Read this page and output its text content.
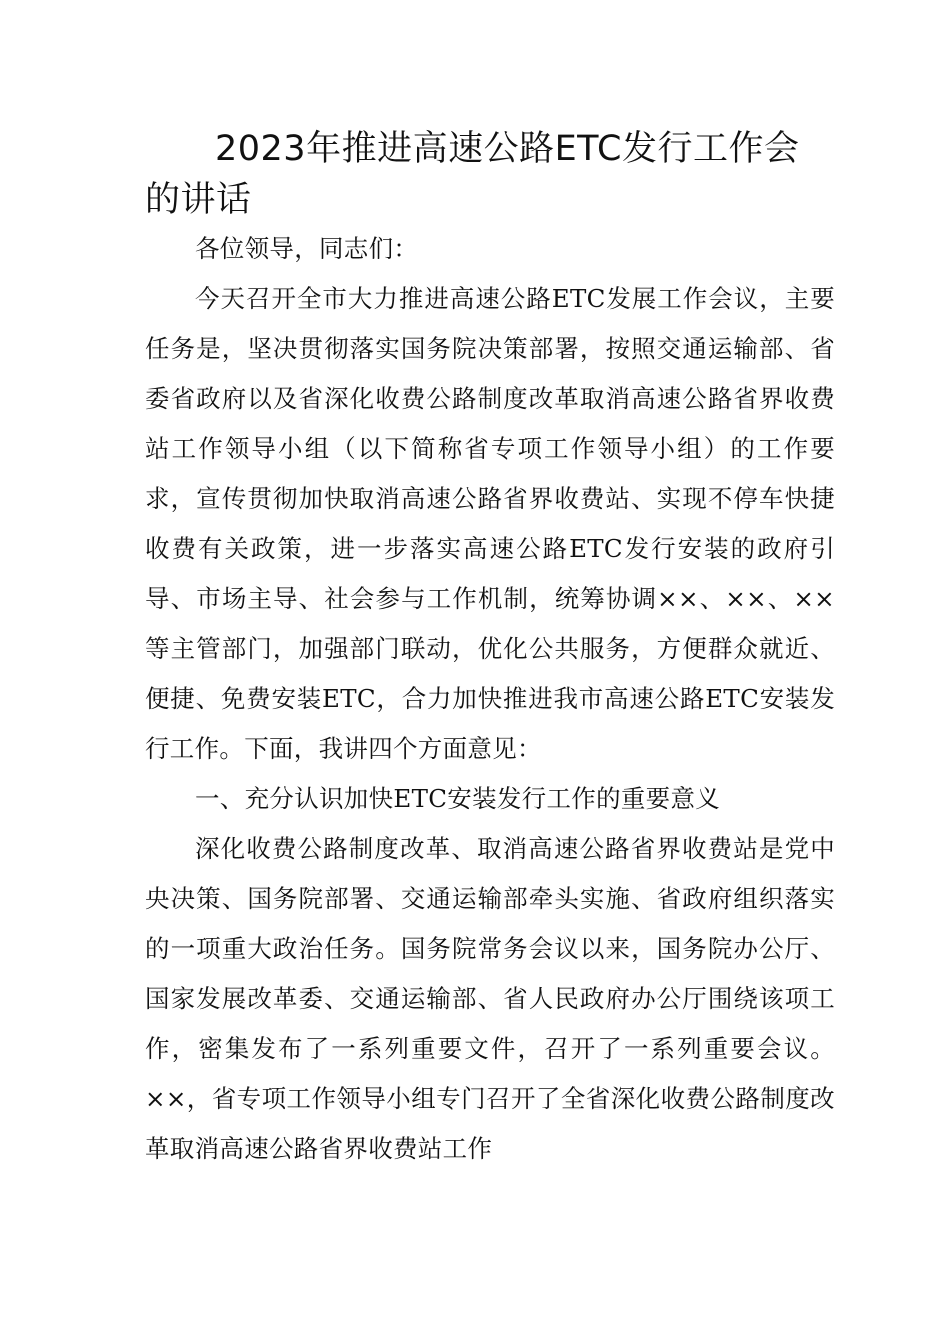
2023年推进高速公路ETC发行工作会的讲话

各位领导，同志们：

今天召开全市大力推进高速公路ETC发展工作会议，主要任务是，坚决贯彻落实国务院决策部署，按照交通运输部、省委省政府以及省深化收费公路制度改革取消高速公路省界收费站工作领导小组（以下简称省专项工作领导小组）的工作要求，宣传贯彻加快取消高速公路省界收费站、实现不停车快捷收费有关政策，进一步落实高速公路ETC发行安装的政府引导、市场主导、社会参与工作机制，统筹协调××、××、××等主管部门，加强部门联动，优化公共服务，方便群众就近、便捷、免费安装ETC，合力加快推进我市高速公路ETC安装发行工作。下面，我讲四个方面意见：

一、充分认识加快ETC安装发行工作的重要意义

深化收费公路制度改革、取消高速公路省界收费站是党中央决策、国务院部署、交通运输部牵头实施、省政府组织落实的一项重大政治任务。国务院常务会议以来，国务院办公厅、国家发展改革委、交通运输部、省人民政府办公厅围绕该项工作，密集发布了一系列重要文件，召开了一系列重要会议。××，省专项工作领导小组专门召开了全省深化收费公路制度改革取消高速公路省界收费站工作
